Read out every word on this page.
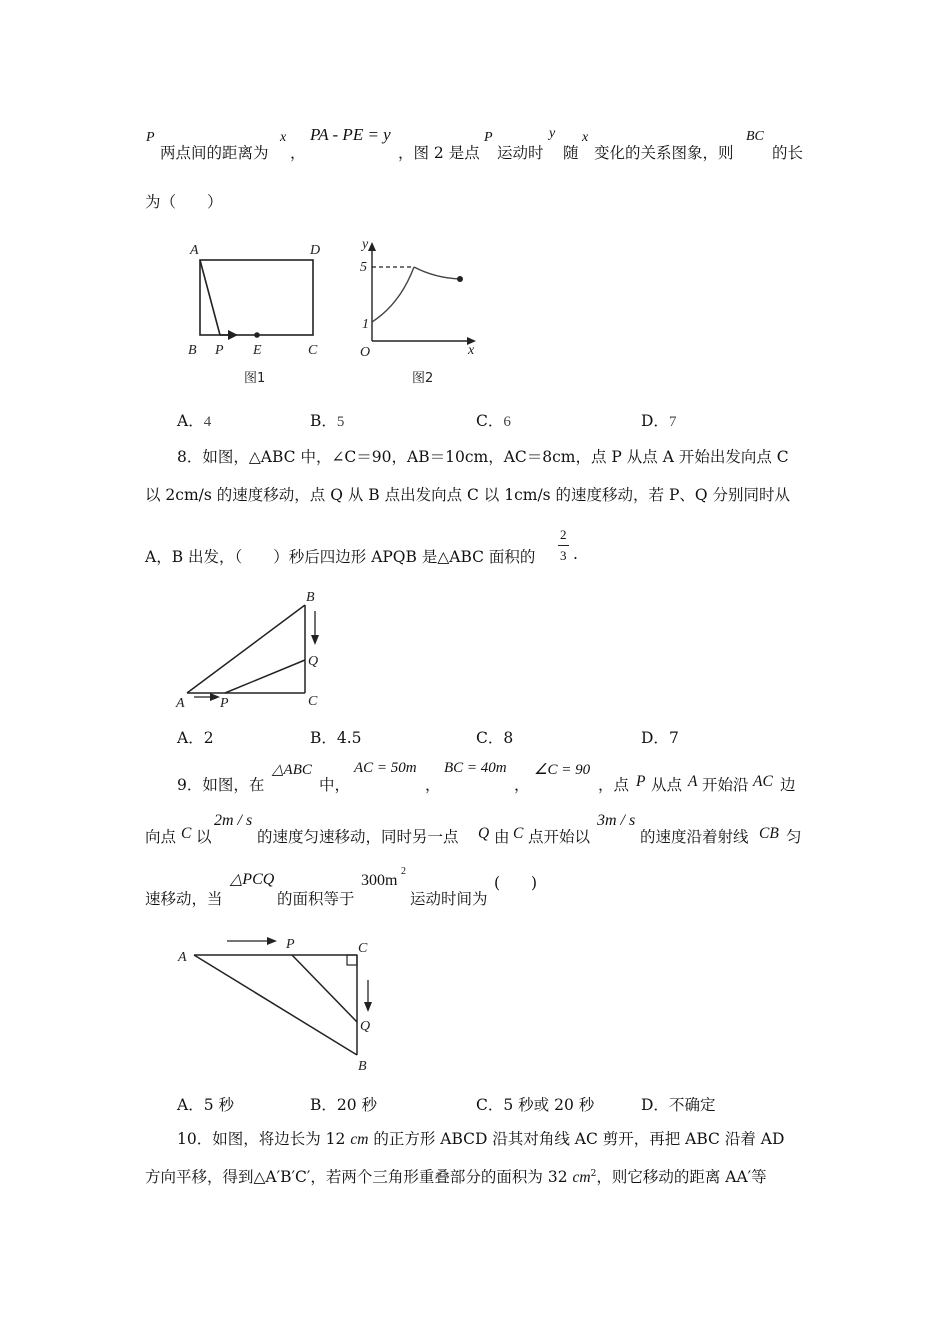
P
两点间的距离为
x
，
PA - PE = y
，图 2 是点
P
运动时
y
随
x
变化的关系图象，则
BC
的长
为（　　）
A	D
B P E	C
图1
y
5
1
O	x
图2
A．4	B．5	C．6	D．7
8．如图，△ABC 中，∠C＝90，AB＝10cm，AC＝8cm，点 P 从点 A 开始出发向点 C
以 2cm/s 的速度移动，点 Q 从 B 点出发向点 C 以 1cm/s 的速度移动，若 P、Q 分别同时从
A，B 出发，（　　）秒后四边形 APQB 是△ABC 面积的
2
3 .
B
Q
C
A	P
A．2	B．4.5	C．8	D．7
9．如图，在
△ABC
中，
AC = 50m
，
BC = 40m
，
∠C = 90
，点 P 从点 A 开始沿 AC 边
向点 C 以
2m / s
的速度匀速移动，同时另一点 Q 由 C 点开始以
3m / s
的速度沿着射线 CB 匀
速移动，当
△PCQ
的面积等于
300m
2
运动时间为
(　　)
A
P	C
Q
B
A．5 秒	B．20 秒	C．5 秒或 20 秒	D．不确定
10．如图，将边长为 12 cm 的正方形 ABCD 沿其对角线 AC 剪开，再把 ABC 沿着 AD
方向平移，得到△A′B′C′，若两个三角形重叠部分的面积为 32 $cm^2$，则它移动的距离 AA′等
